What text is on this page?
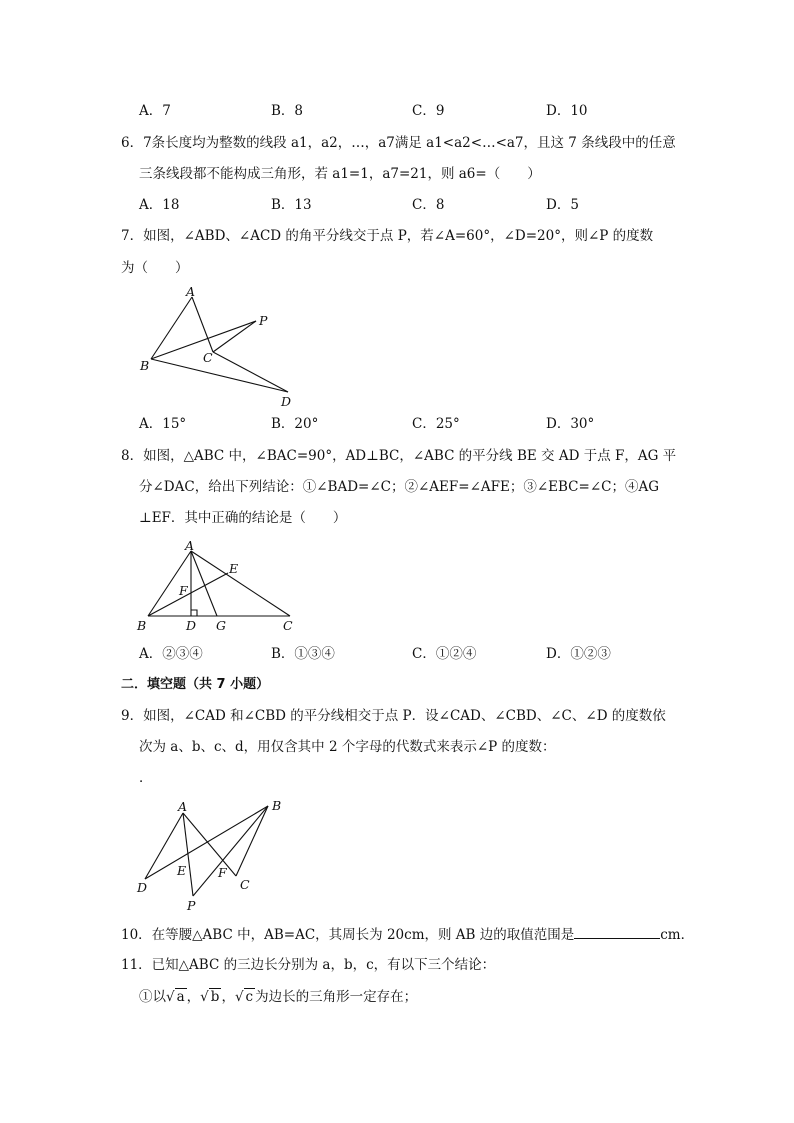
A．7	B．8	C．9	D．10
6．7条长度均为整数的线段 a1，a2，…，a7满足 a1<a2<…<a7，且这 7 条线段中的任意
三条线段都不能构成三角形，若 a1=1，a7=21，则 a6=（　　）
A．18	B．13	C．8	D．5
7．如图，∠ABD、∠ACD 的角平分线交于点 P，若∠A=60°，∠D=20°，则∠P 的度数
为（　　）
A
P
B
C
D
A．15°	B．20°	C．25°	D．30°
8．如图，△ABC 中，∠BAC=90°，AD⊥BC，∠ABC 的平分线 BE 交 AD 于点 F，AG 平
分∠DAC，给出下列结论：①∠BAD=∠C；②∠AEF=∠AFE；③∠EBC=∠C；④AG
⊥EF．其中正确的结论是（　　）
A
E
F
B	D G	C
A．②③④	B．①③④	C．①②④	D．①②③
二．填空题（共 7 小题）
9．如图，∠CAD 和∠CBD 的平分线相交于点 P．设∠CAD、∠CBD、∠C、∠D 的度数依
次为 a、b、c、d，用仅含其中 2 个字母的代数式来表示∠P 的度数：
．
A	B
D
E	F
C
P
10．在等腰△ABC 中，AB=AC，其周长为 20cm，则 AB 边的取值范围是	cm．
11．已知△ABC 的三边长分别为 a，b，c，有以下三个结论：
①以√ a ，√ b ，√ c 为边长的三角形一定存在；
